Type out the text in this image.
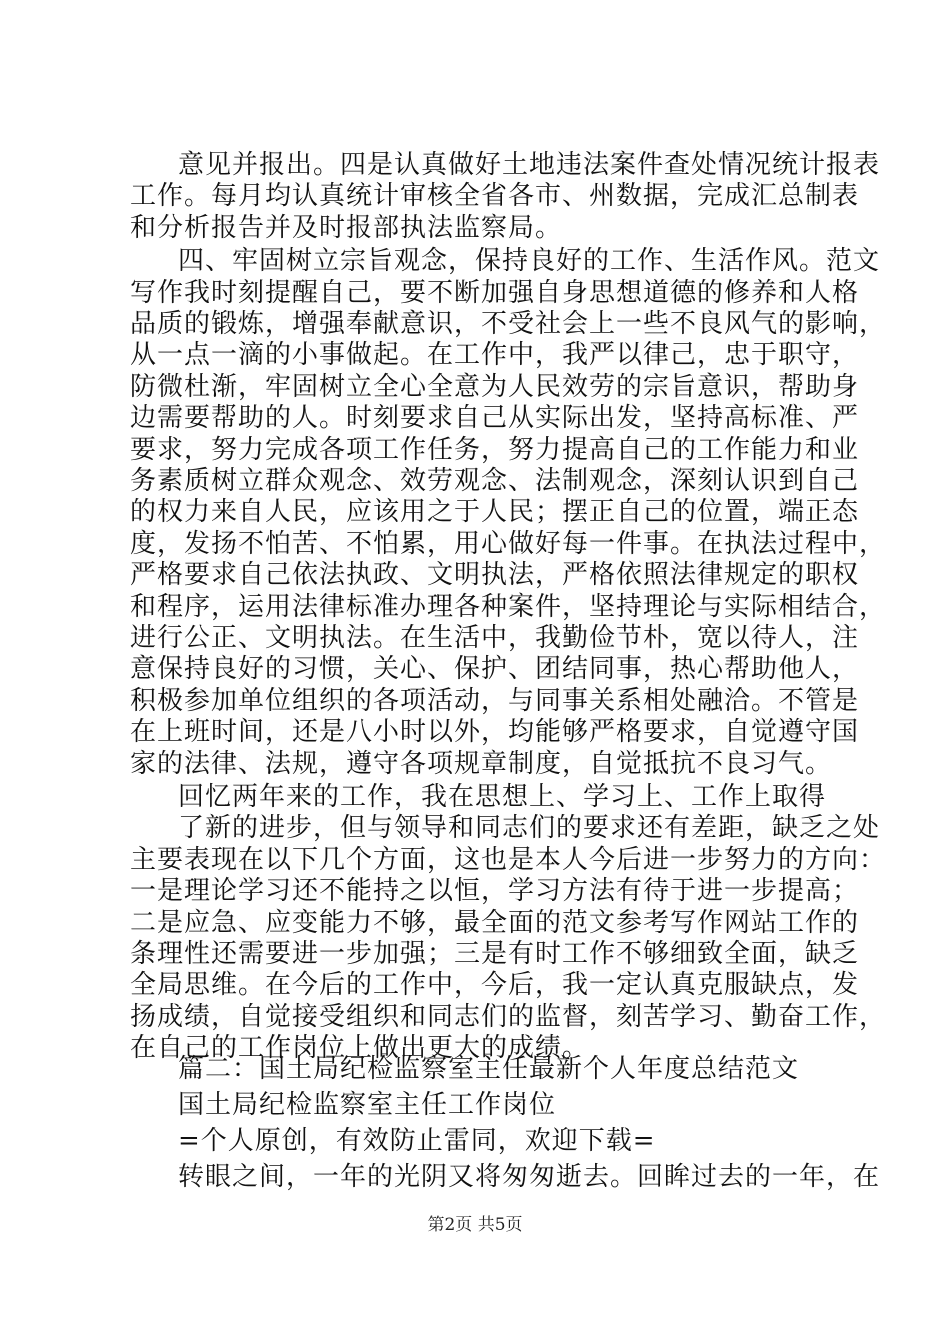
意见并报出。四是认真做好土地违法案件查处情况统计报表
工作。每月均认真统计审核全省各市、州数据，完成汇总制表
和分析报告并及时报部执法监察局。
四、牢固树立宗旨观念，保持良好的工作、生活作风。范文
写作我时刻提醒自己，要不断加强自身思想道德的修养和人格
品质的锻炼，增强奉献意识，不受社会上一些不良风气的影响，
从一点一滴的小事做起。在工作中，我严以律己，忠于职守，
防微杜渐，牢固树立全心全意为人民效劳的宗旨意识，帮助身
边需要帮助的人。时刻要求自己从实际出发，坚持高标准、严
要求，努力完成各项工作任务，努力提高自己的工作能力和业
务素质树立群众观念、效劳观念、法制观念，深刻认识到自己
的权力来自人民，应该用之于人民；摆正自己的位置，端正态
度，发扬不怕苦、不怕累，用心做好每一件事。在执法过程中，
严格要求自己依法执政、文明执法，严格依照法律规定的职权
和程序，运用法律标准办理各种案件，坚持理论与实际相结合，
进行公正、文明执法。在生活中，我勤俭节朴，宽以待人，注
意保持良好的习惯，关心、保护、团结同事，热心帮助他人，
积极参加单位组织的各项活动，与同事关系相处融洽。不管是
在上班时间，还是八小时以外，均能够严格要求，自觉遵守国
家的法律、法规，遵守各项规章制度，自觉抵抗不良习气。
回忆两年来的工作，我在思想上、学习上、工作上取得
了新的进步，但与领导和同志们的要求还有差距，缺乏之处
主要表现在以下几个方面，这也是本人今后进一步努力的方向：
一是理论学习还不能持之以恒，学习方法有待于进一步提高；
二是应急、应变能力不够，最全面的范文参考写作网站工作的
条理性还需要进一步加强；三是有时工作不够细致全面，缺乏
全局思维。在今后的工作中，今后，我一定认真克服缺点，发
扬成绩，自觉接受组织和同志们的监督，刻苦学习、勤奋工作，
在自己的工作岗位上做出更大的成绩。
篇二：国土局纪检监察室主任最新个人年度总结范文
国土局纪检监察室主任工作岗位
第2页 共5页
=个人原创，有效防止雷同，欢迎下载=
转眼之间，一年的光阴又将匆匆逝去。回眸过去的一年，在
